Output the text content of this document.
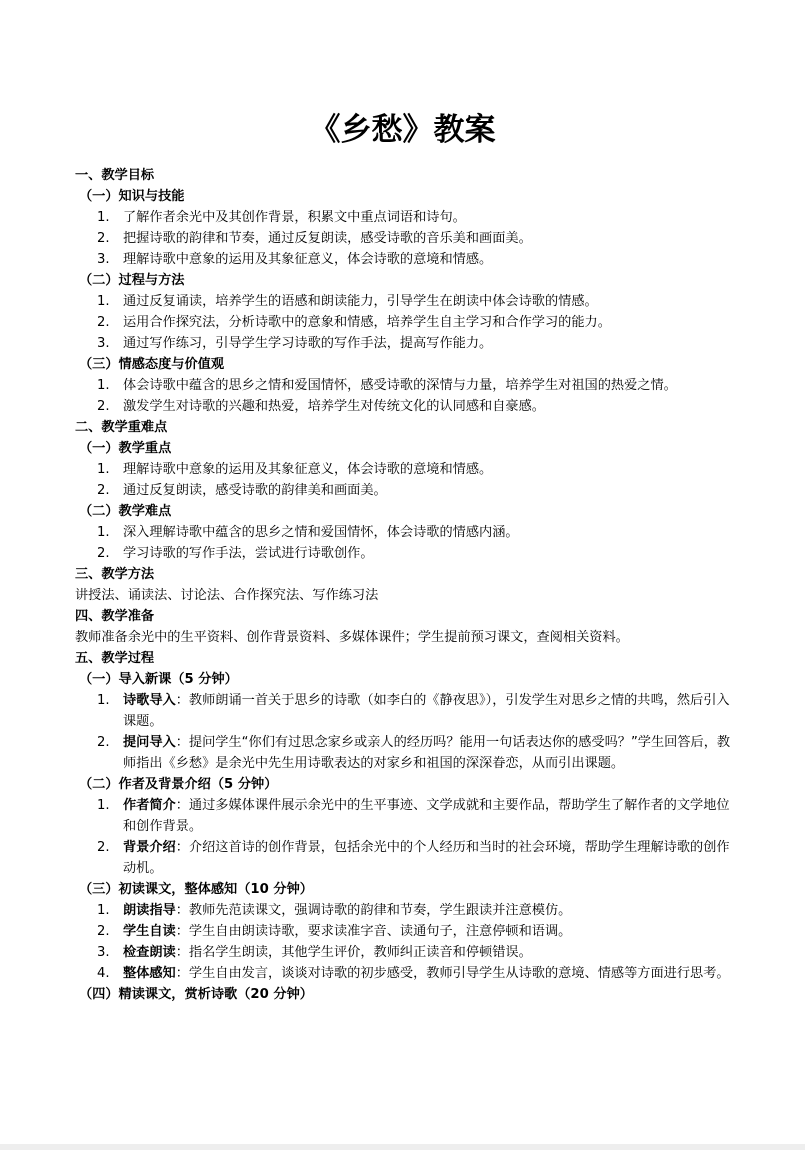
《乡愁》教案
一、教学目标
（一）知识与技能
1.	了解作者余光中及其创作背景，积累文中重点词语和诗句。
2.	把握诗歌的韵律和节奏，通过反复朗读，感受诗歌的音乐美和画面美。
3.	理解诗歌中意象的运用及其象征意义，体会诗歌的意境和情感。
（二）过程与方法
1.	通过反复诵读，培养学生的语感和朗读能力，引导学生在朗读中体会诗歌的情感。
2.	运用合作探究法，分析诗歌中的意象和情感，培养学生自主学习和合作学习的能力。
3.	通过写作练习，引导学生学习诗歌的写作手法，提高写作能力。
（三）情感态度与价值观
1.	体会诗歌中蕴含的思乡之情和爱国情怀，感受诗歌的深情与力量，培养学生对祖国的热爱之情。
2.	激发学生对诗歌的兴趣和热爱，培养学生对传统文化的认同感和自豪感。
二、教学重难点
（一）教学重点
1.	理解诗歌中意象的运用及其象征意义，体会诗歌的意境和情感。
2.	通过反复朗读，感受诗歌的韵律美和画面美。
（二）教学难点
1.	深入理解诗歌中蕴含的思乡之情和爱国情怀，体会诗歌的情感内涵。
2.	学习诗歌的写作手法，尝试进行诗歌创作。
三、教学方法
讲授法、诵读法、讨论法、合作探究法、写作练习法
四、教学准备
教师准备余光中的生平资料、创作背景资料、多媒体课件；学生提前预习课文，查阅相关资料。
五、教学过程
（一）导入新课（5 分钟）
1.	诗歌导入：教师朗诵一首关于思乡的诗歌（如李白的《静夜思》），引发学生对思乡之情的共鸣，然后引入课题。
2.	提问导入：提问学生“你们有过思念家乡或亲人的经历吗？能用一句话表达你的感受吗？”学生回答后，教师指出《乡愁》是余光中先生用诗歌表达的对家乡和祖国的深深眷恋，从而引出课题。
（二）作者及背景介绍（5 分钟）
1.	作者简介：通过多媒体课件展示余光中的生平事迹、文学成就和主要作品，帮助学生了解作者的文学地位和创作背景。
2.	背景介绍：介绍这首诗的创作背景，包括余光中的个人经历和当时的社会环境，帮助学生理解诗歌的创作动机。
（三）初读课文，整体感知（10 分钟）
1.	朗读指导：教师先范读课文，强调诗歌的韵律和节奏，学生跟读并注意模仿。
2.	学生自读：学生自由朗读诗歌，要求读准字音、读通句子，注意停顿和语调。
3.	检查朗读：指名学生朗读，其他学生评价，教师纠正读音和停顿错误。
4.	整体感知：学生自由发言，谈谈对诗歌的初步感受，教师引导学生从诗歌的意境、情感等方面进行思考。
（四）精读课文，赏析诗歌（20 分钟）
